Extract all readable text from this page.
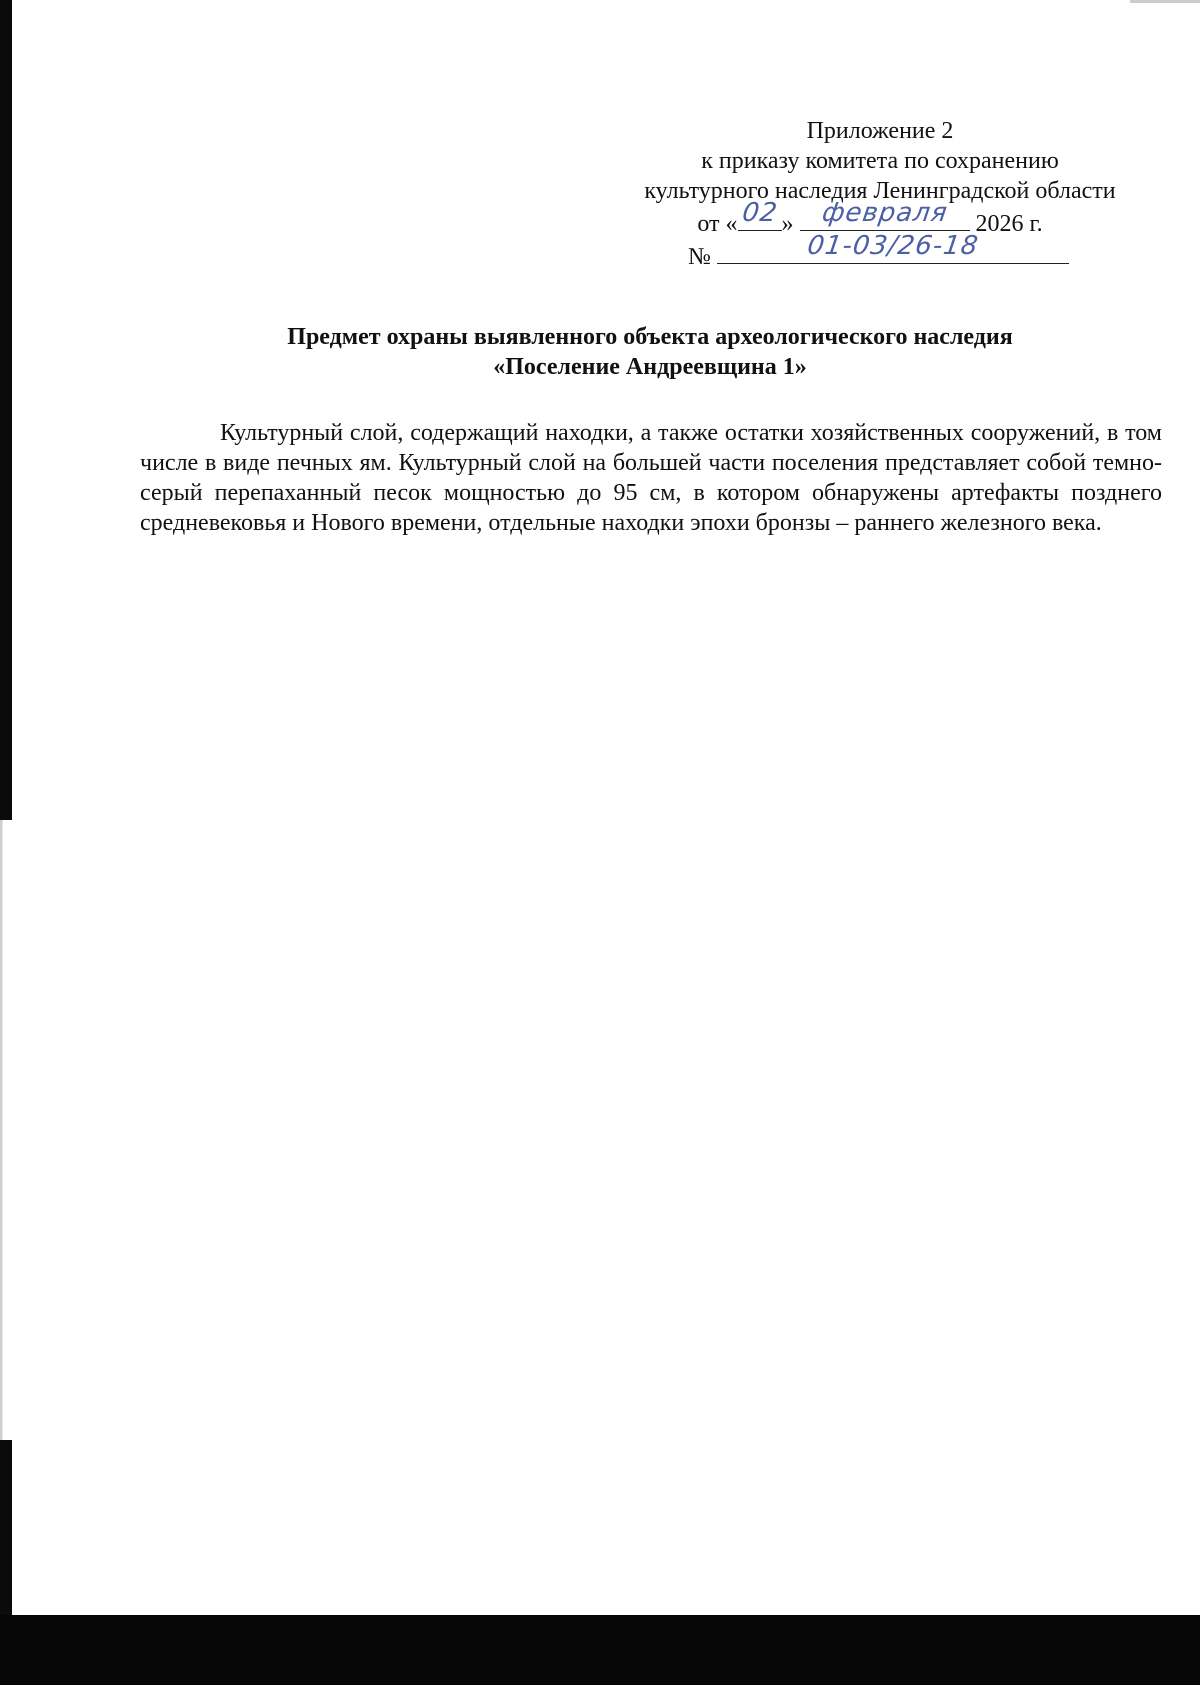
Приложение 2
к приказу комитета по сохранению
культурного наследия Ленинградской области
от « 02 »	февраля	2026 г.
№	01-03/26-18
Предмет охраны выявленного объекта археологического наследия
«Поселение Андреевщина 1»

Культурный слой, содержащий находки, а также остатки хозяйственных сооружений, в том числе в виде печных ям. Культурный слой на большей части поселения представляет собой темно-серый перепаханный песок мощностью до 95 см, в котором обнаружены артефакты позднего средневековья и Нового времени, отдельные находки эпохи бронзы – раннего железного века.
